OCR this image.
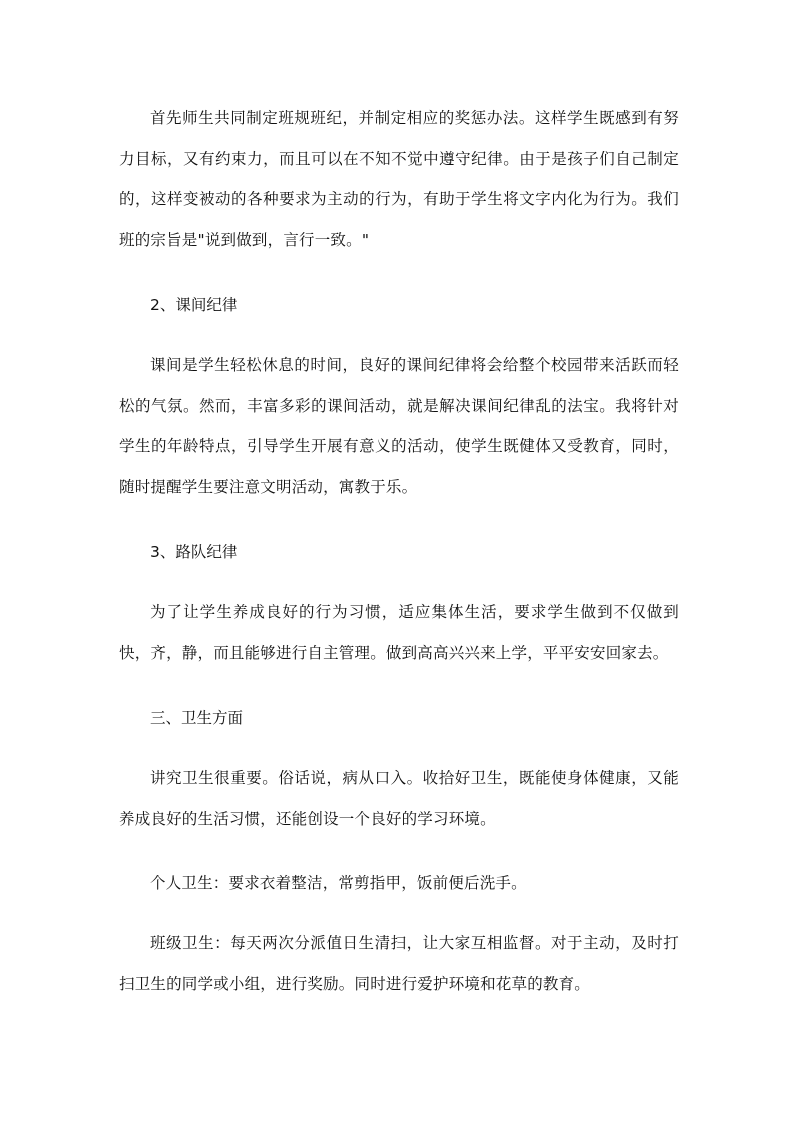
首先师生共同制定班规班纪，并制定相应的奖惩办法。这样学生既感到有努力目标，又有约束力，而且可以在不知不觉中遵守纪律。由于是孩子们自己制定的，这样变被动的各种要求为主动的行为，有助于学生将文字内化为行为。我们班的宗旨是"说到做到，言行一致。"

2、课间纪律

课间是学生轻松休息的时间，良好的课间纪律将会给整个校园带来活跃而轻松的气氛。然而，丰富多彩的课间活动，就是解决课间纪律乱的法宝。我将针对学生的年龄特点，引导学生开展有意义的活动，使学生既健体又受教育，同时，随时提醒学生要注意文明活动，寓教于乐。

3、路队纪律

为了让学生养成良好的行为习惯，适应集体生活，要求学生做到不仅做到快，齐，静，而且能够进行自主管理。做到高高兴兴来上学，平平安安回家去。

三、卫生方面

讲究卫生很重要。俗话说，病从口入。收拾好卫生，既能使身体健康，又能养成良好的生活习惯，还能创设一个良好的学习环境。

个人卫生：要求衣着整洁，常剪指甲，饭前便后洗手。

班级卫生：每天两次分派值日生清扫，让大家互相监督。对于主动，及时打扫卫生的同学或小组，进行奖励。同时进行爱护环境和花草的教育。
